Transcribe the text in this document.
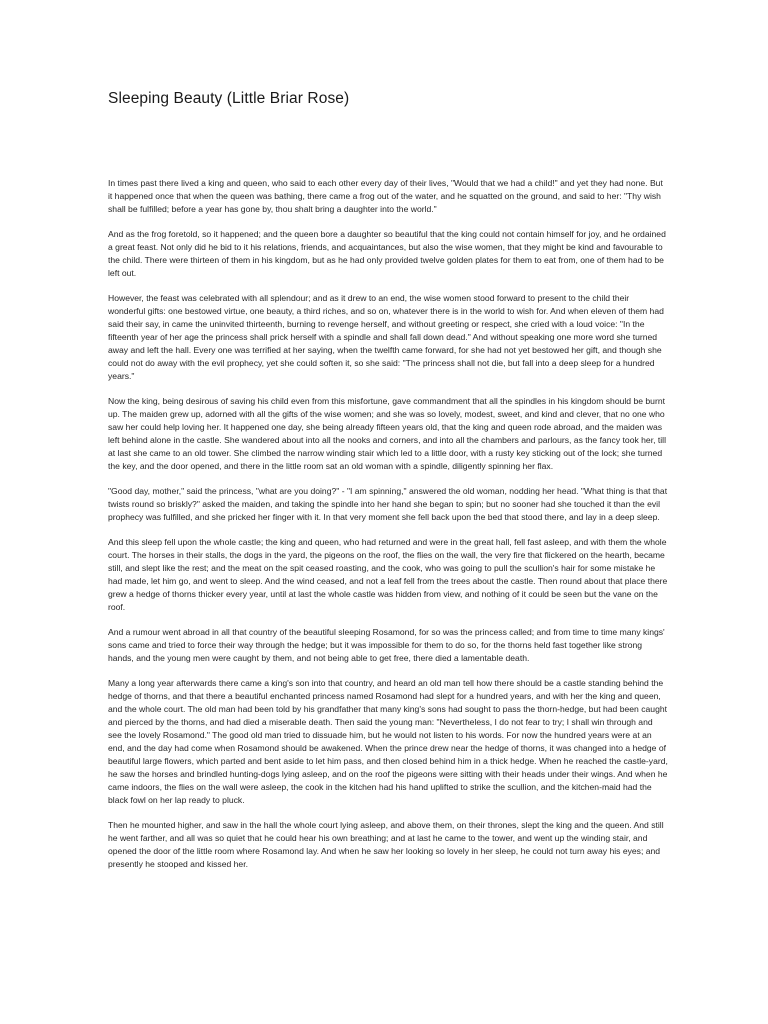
Sleeping Beauty (Little Briar Rose)

In times past there lived a king and queen, who said to each other every day of their lives, "Would that we had a child!" and yet they had none. But it happened once that when the queen was bathing, there came a frog out of the water, and he squatted on the ground, and said to her: "Thy wish shall be fulfilled; before a year has gone by, thou shalt bring a daughter into the world."

And as the frog foretold, so it happened; and the queen bore a daughter so beautiful that the king could not contain himself for joy, and he ordained a great feast. Not only did he bid to it his relations, friends, and acquaintances, but also the wise women, that they might be kind and favourable to the child. There were thirteen of them in his kingdom, but as he had only provided twelve golden plates for them to eat from, one of them had to be left out.

However, the feast was celebrated with all splendour; and as it drew to an end, the wise women stood forward to present to the child their wonderful gifts: one bestowed virtue, one beauty, a third riches, and so on, whatever there is in the world to wish for. And when eleven of them had said their say, in came the uninvited thirteenth, burning to revenge herself, and without greeting or respect, she cried with a loud voice: "In the fifteenth year of her age the princess shall prick herself with a spindle and shall fall down dead." And without speaking one more word she turned away and left the hall. Every one was terrified at her saying, when the twelfth came forward, for she had not yet bestowed her gift, and though she could not do away with the evil prophecy, yet she could soften it, so she said: "The princess shall not die, but fall into a deep sleep for a hundred years."

Now the king, being desirous of saving his child even from this misfortune, gave commandment that all the spindles in his kingdom should be burnt up. The maiden grew up, adorned with all the gifts of the wise women; and she was so lovely, modest, sweet, and kind and clever, that no one who saw her could help loving her. It happened one day, she being already fifteen years old, that the king and queen rode abroad, and the maiden was left behind alone in the castle. She wandered about into all the nooks and corners, and into all the chambers and parlours, as the fancy took her, till at last she came to an old tower. She climbed the narrow winding stair which led to a little door, with a rusty key sticking out of the lock; she turned the key, and the door opened, and there in the little room sat an old woman with a spindle, diligently spinning her flax.

"Good day, mother," said the princess, "what are you doing?" - "I am spinning," answered the old woman, nodding her head. "What thing is that that twists round so briskly?" asked the maiden, and taking the spindle into her hand she began to spin; but no sooner had she touched it than the evil prophecy was fulfilled, and she pricked her finger with it. In that very moment she fell back upon the bed that stood there, and lay in a deep sleep.

And this sleep fell upon the whole castle; the king and queen, who had returned and were in the great hall, fell fast asleep, and with them the whole court. The horses in their stalls, the dogs in the yard, the pigeons on the roof, the flies on the wall, the very fire that flickered on the hearth, became still, and slept like the rest; and the meat on the spit ceased roasting, and the cook, who was going to pull the scullion's hair for some mistake he had made, let him go, and went to sleep. And the wind ceased, and not a leaf fell from the trees about the castle. Then round about that place there grew a hedge of thorns thicker every year, until at last the whole castle was hidden from view, and nothing of it could be seen but the vane on the roof.

And a rumour went abroad in all that country of the beautiful sleeping Rosamond, for so was the princess called; and from time to time many kings' sons came and tried to force their way through the hedge; but it was impossible for them to do so, for the thorns held fast together like strong hands, and the young men were caught by them, and not being able to get free, there died a lamentable death.

Many a long year afterwards there came a king's son into that country, and heard an old man tell how there should be a castle standing behind the hedge of thorns, and that there a beautiful enchanted princess named Rosamond had slept for a hundred years, and with her the king and queen, and the whole court. The old man had been told by his grandfather that many king's sons had sought to pass the thorn-hedge, but had been caught and pierced by the thorns, and had died a miserable death. Then said the young man: "Nevertheless, I do not fear to try; I shall win through and see the lovely Rosamond." The good old man tried to dissuade him, but he would not listen to his words. For now the hundred years were at an end, and the day had come when Rosamond should be awakened. When the prince drew near the hedge of thorns, it was changed into a hedge of beautiful large flowers, which parted and bent aside to let him pass, and then closed behind him in a thick hedge. When he reached the castle-yard, he saw the horses and brindled hunting-dogs lying asleep, and on the roof the pigeons were sitting with their heads under their wings. And when he came indoors, the flies on the wall were asleep, the cook in the kitchen had his hand uplifted to strike the scullion, and the kitchen-maid had the black fowl on her lap ready to pluck.

Then he mounted higher, and saw in the hall the whole court lying asleep, and above them, on their thrones, slept the king and the queen. And still he went farther, and all was so quiet that he could hear his own breathing; and at last he came to the tower, and went up the winding stair, and opened the door of the little room where Rosamond lay. And when he saw her looking so lovely in her sleep, he could not turn away his eyes; and presently he stooped and kissed her.
